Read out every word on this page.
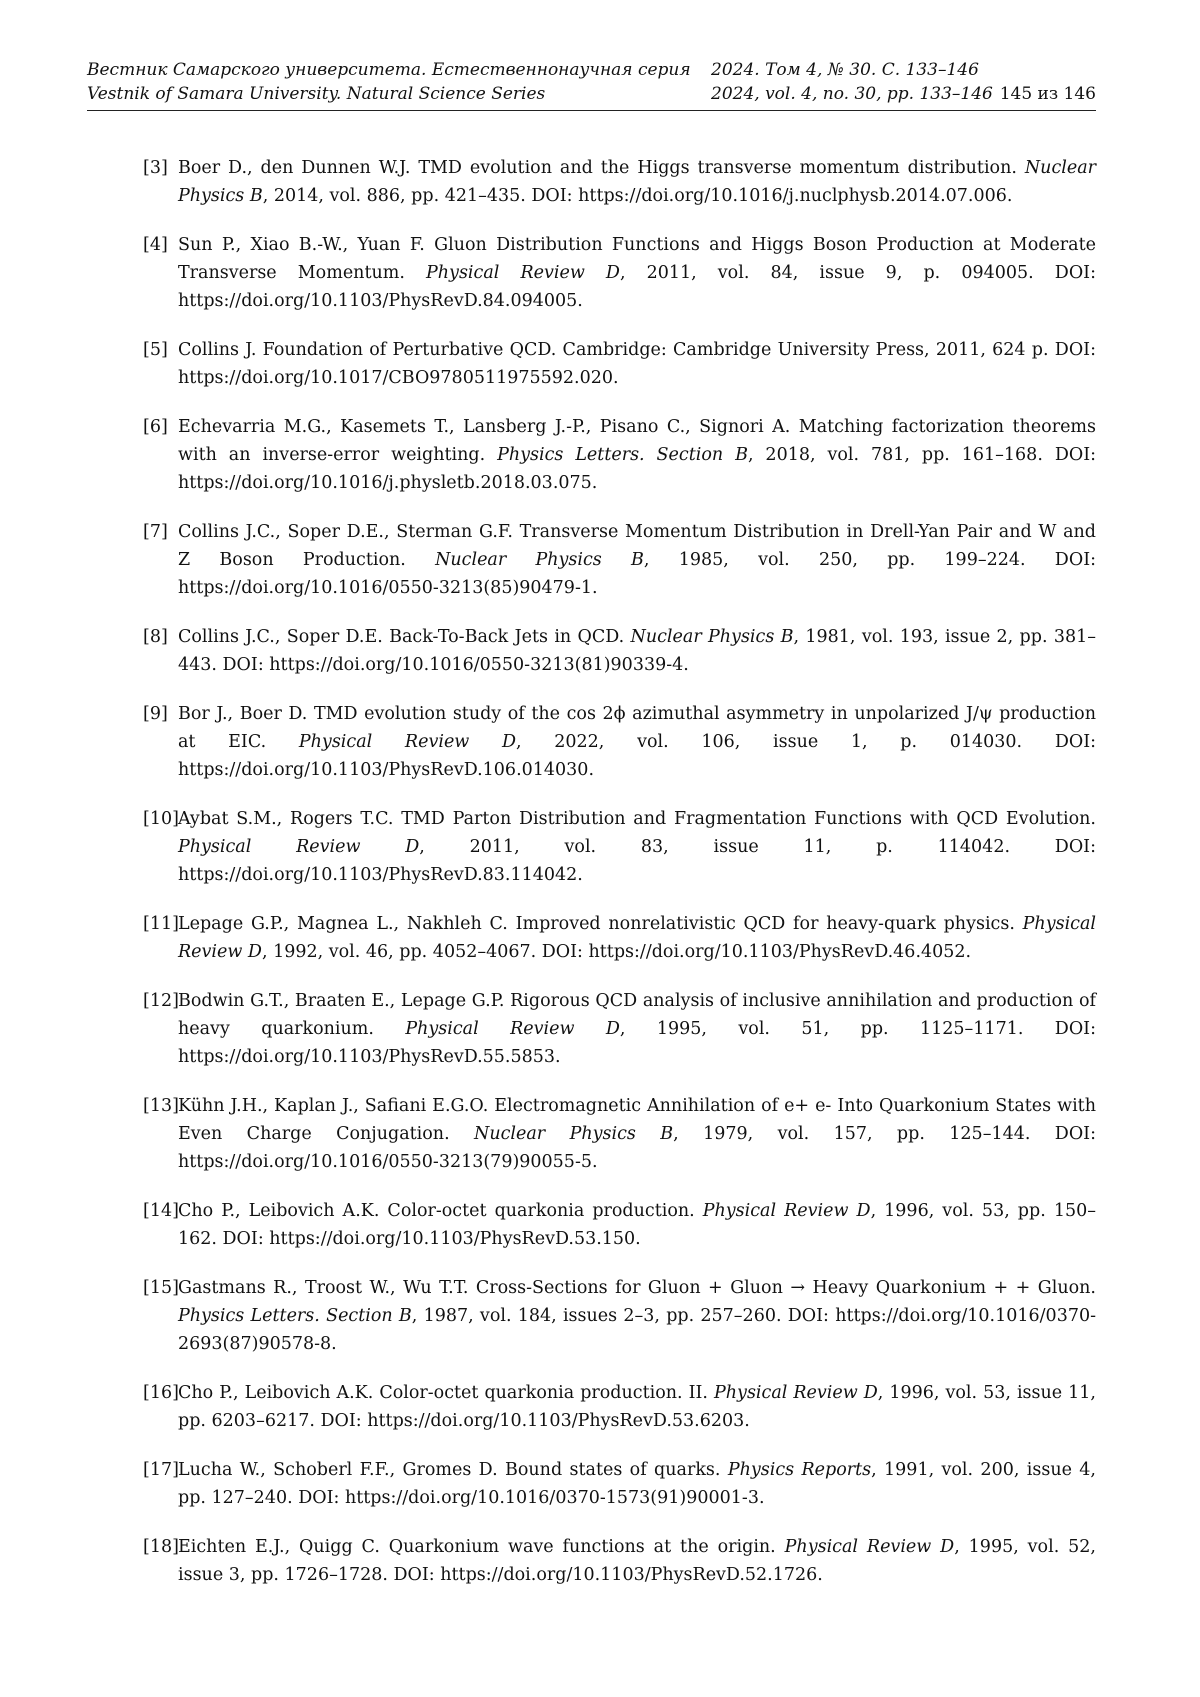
Вестник Самарского университета. Естественнонаучная серия	2024. Том 4, № 30. С. 133–146
Vestnik of Samara University. Natural Science Series	2024, vol. 4, no. 30, pp. 133–146 145 из 146
[3] Boer D., den Dunnen W.J. TMD evolution and the Higgs transverse momentum distribution. Nuclear Physics B, 2014, vol. 886, pp. 421–435. DOI: https://doi.org/10.1016/j.nuclphysb.2014.07.006.
[4] Sun P., Xiao B.-W., Yuan F. Gluon Distribution Functions and Higgs Boson Production at Moderate Transverse Momentum. Physical Review D, 2011, vol. 84, issue 9, p. 094005. DOI: https://doi.org/10.1103/PhysRevD.84.094005.
[5] Collins J. Foundation of Perturbative QCD. Cambridge: Cambridge University Press, 2011, 624 p. DOI: https://doi.org/10.1017/CBO9780511975592.020.
[6] Echevarria M.G., Kasemets T., Lansberg J.-P., Pisano C., Signori A. Matching factorization theorems with an inverse-error weighting. Physics Letters. Section B, 2018, vol. 781, pp. 161–168. DOI: https://doi.org/10.1016/j.physletb.2018.03.075.
[7] Collins J.C., Soper D.E., Sterman G.F. Transverse Momentum Distribution in Drell-Yan Pair and W and Z Boson Production. Nuclear Physics B, 1985, vol. 250, pp. 199–224. DOI: https://doi.org/10.1016/0550-3213(85)90479-1.
[8] Collins J.C., Soper D.E. Back-To-Back Jets in QCD. Nuclear Physics B, 1981, vol. 193, issue 2, pp. 381–443. DOI: https://doi.org/10.1016/0550-3213(81)90339-4.
[9] Bor J., Boer D. TMD evolution study of the cos 2ϕ azimuthal asymmetry in unpolarized J/ψ production at EIC. Physical Review D, 2022, vol. 106, issue 1, p. 014030. DOI: https://doi.org/10.1103/PhysRevD.106.014030.
[10] Aybat S.M., Rogers T.C. TMD Parton Distribution and Fragmentation Functions with QCD Evolution. Physical Review D, 2011, vol. 83, issue 11, p. 114042. DOI: https://doi.org/10.1103/PhysRevD.83.114042.
[11] Lepage G.P., Magnea L., Nakhleh C. Improved nonrelativistic QCD for heavy-quark physics. Physical Review D, 1992, vol. 46, pp. 4052–4067. DOI: https://doi.org/10.1103/PhysRevD.46.4052.
[12] Bodwin G.T., Braaten E., Lepage G.P. Rigorous QCD analysis of inclusive annihilation and production of heavy quarkonium. Physical Review D, 1995, vol. 51, pp. 1125–1171. DOI: https://doi.org/10.1103/PhysRevD.55.5853.
[13] Kühn J.H., Kaplan J., Safiani E.G.O. Electromagnetic Annihilation of e+ e- Into Quarkonium States with Even Charge Conjugation. Nuclear Physics B, 1979, vol. 157, pp. 125–144. DOI: https://doi.org/10.1016/0550-3213(79)90055-5.
[14] Cho P., Leibovich A.K. Color-octet quarkonia production. Physical Review D, 1996, vol. 53, pp. 150–162. DOI: https://doi.org/10.1103/PhysRevD.53.150.
[15] Gastmans R., Troost W., Wu T.T. Cross-Sections for Gluon + Gluon → Heavy Quarkonium + + Gluon. Physics Letters. Section B, 1987, vol. 184, issues 2–3, pp. 257–260. DOI: https://doi.org/10.1016/0370-2693(87)90578-8.
[16] Cho P., Leibovich A.K. Color-octet quarkonia production. II. Physical Review D, 1996, vol. 53, issue 11, pp. 6203–6217. DOI: https://doi.org/10.1103/PhysRevD.53.6203.
[17] Lucha W., Schoberl F.F., Gromes D. Bound states of quarks. Physics Reports, 1991, vol. 200, issue 4, pp. 127–240. DOI: https://doi.org/10.1016/0370-1573(91)90001-3.
[18] Eichten E.J., Quigg C. Quarkonium wave functions at the origin. Physical Review D, 1995, vol. 52, issue 3, pp. 1726–1728. DOI: https://doi.org/10.1103/PhysRevD.52.1726.
